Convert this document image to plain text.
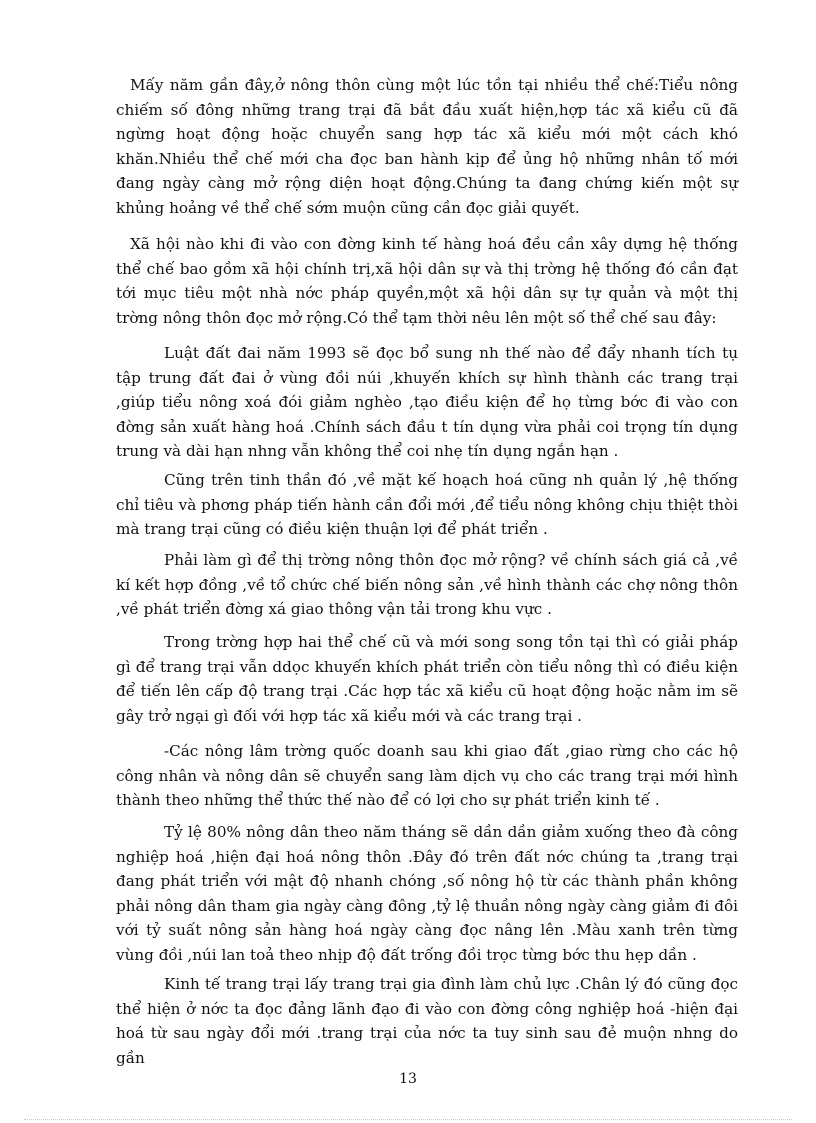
Mấy năm gần đây,ở nông thôn cùng một lúc tồn tại nhiều thể chế:Tiểu nông chiếm số đông những trang trại đã bắt đầu xuất hiện,hợp tác xã kiểu cũ đã ngừng hoạt động hoặc chuyển sang hợp tác xã kiểu mới một cách khó khăn.Nhiều thể chế mới cha đọc ban hành kịp để ủng hộ những nhân tố mới đang ngày càng mở rộng diện hoạt động.Chúng ta đang chứng kiến một sự khủng hoảng về thể chế sớm muộn cũng cần đọc giải quyết.

Xã hội nào khi đi vào con đờng kinh tế hàng hoá đều cần xây dựng hệ thống thể chế bao gồm xã hội chính trị,xã hội dân sự và thị trờng hệ thống đó cần đạt tới mục tiêu một nhà nớc pháp quyền,một xã hội dân sự tự quản và một thị trờng nông thôn đọc mở rộng.Có thể tạm thời nêu lên một số thể chế sau đây:

Luật đất đai năm 1993 sẽ đọc bổ sung nh thế nào để đẩy nhanh tích tụ tập trung đất đai ở vùng đồi núi ,khuyến khích sự hình thành các trang trại ,giúp tiểu nông xoá đói giảm nghèo ,tạo điều kiện để họ từng bớc đi vào con đờng sản xuất hàng hoá .Chính sách đầu t tín dụng vừa phải coi trọng tín dụng trung và dài hạn nhng vẫn không thể coi nhẹ tín dụng ngắn hạn .

Cũng trên tinh thần đó ,về mặt kế hoạch hoá cũng nh quản lý ,hệ thống chỉ tiêu và phơng pháp tiến hành cần đổi mới ,để tiểu nông không chịu thiệt thòi mà trang trại cũng có điều kiện thuận lợi để phát triển .

Phải làm gì để thị trờng nông thôn đọc mở rộng? về chính sách giá cả ,về kí kết hợp đồng ,về tổ chức chế biến nông sản ,về hình thành các chợ nông thôn ,về phát triển đờng xá giao thông vận tải trong khu vực .

Trong trờng hợp hai thể chế cũ và mới song song tồn tại thì có giải pháp gì để trang trại vẫn ddọc khuyến khích phát triển còn tiểu nông thì có điều kiện để tiến lên cấp độ trang trại .Các hợp tác xã kiểu cũ hoạt động hoặc nằm im sẽ gây trở ngại gì đối với hợp tác xã kiểu mới và các trang trại .

-Các nông lâm trờng quốc doanh sau khi giao đất ,giao rừng cho các hộ công nhân và nông dân sẽ chuyển sang làm dịch vụ cho các trang trại mới hình thành theo những thể thức thế nào để có lợi cho sự phát triển kinh tế .

Tỷ lệ 80% nông dân theo năm tháng sẽ dần dần giảm xuống theo đà công nghiệp hoá ,hiện đại hoá nông thôn .Đây đó trên đất nớc chúng ta ,trang trại đang phát triển với mật độ nhanh chóng ,số nông hộ từ các thành phần không phải nông dân tham gia ngày càng đông ,tỷ lệ thuần nông ngày càng giảm đi đôi với tỷ suất nông sản hàng hoá ngày càng đọc nâng lên .Màu xanh trên từng vùng đồi ,núi lan toả theo nhịp độ đất trống đồi trọc từng bớc thu hẹp dần .

Kinh tế trang trại lấy trang trại gia đình làm chủ lực .Chân lý đó cũng đọc thể hiện ở nớc ta đọc đảng lãnh đạo đi vào con đờng công nghiệp hoá -hiện đại hoá từ sau ngày đổi mới .trang trại của nớc ta tuy sinh sau đẻ muộn nhng do gần

13
